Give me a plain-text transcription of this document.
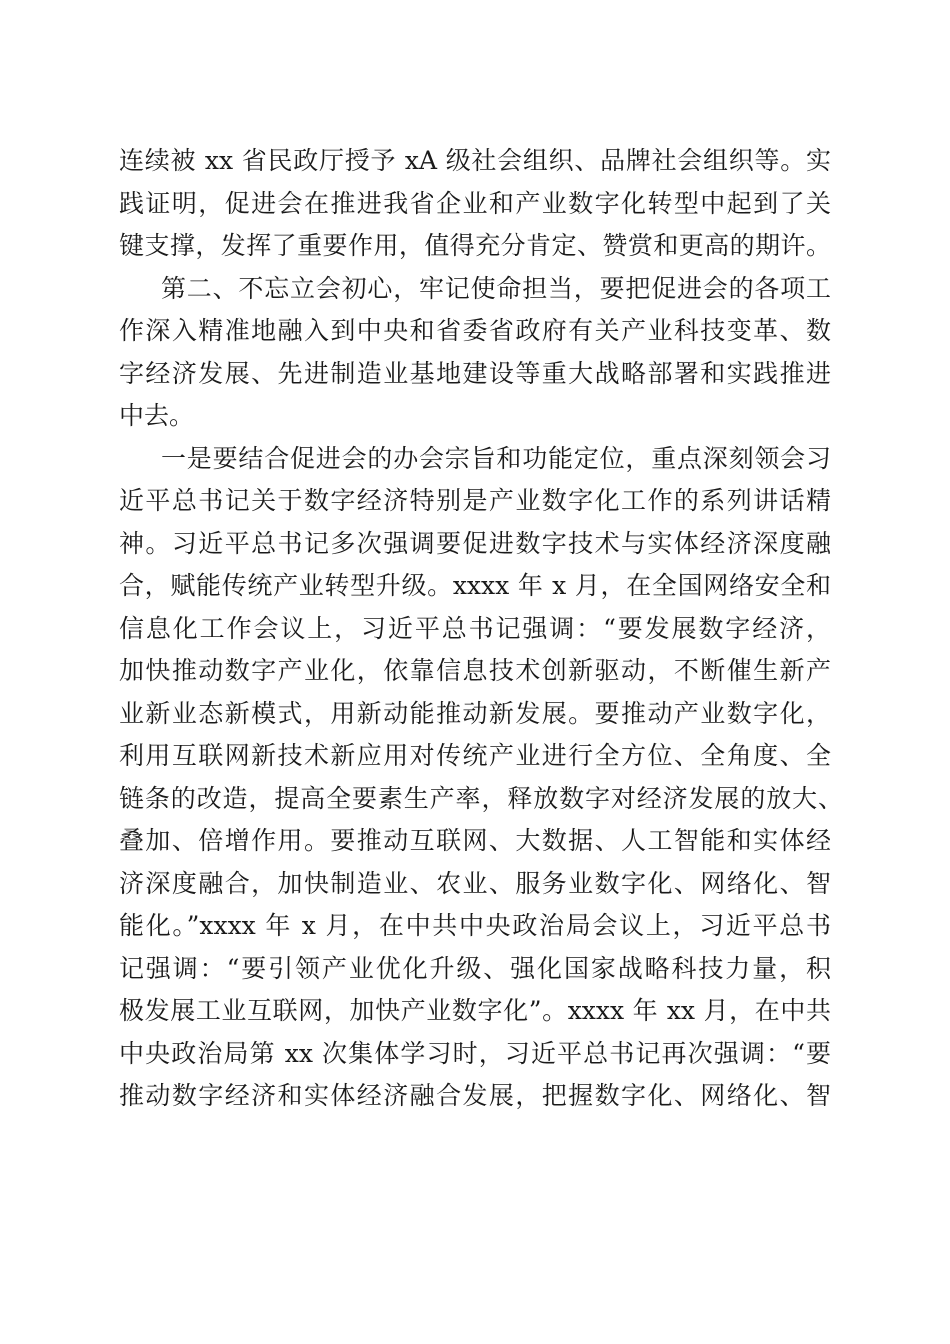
连续被 xx 省民政厅授予 xA 级社会组织、品牌社会组织等。实
践证明，促进会在推进我省企业和产业数字化转型中起到了关
键支撑，发挥了重要作用，值得充分肯定、赞赏和更高的期许。
第二、不忘立会初心，牢记使命担当，要把促进会的各项工
作深入精准地融入到中央和省委省政府有关产业科技变革、数
字经济发展、先进制造业基地建设等重大战略部署和实践推进
中去。
一是要结合促进会的办会宗旨和功能定位，重点深刻领会习
近平总书记关于数字经济特别是产业数字化工作的系列讲话精
神。习近平总书记多次强调要促进数字技术与实体经济深度融
合，赋能传统产业转型升级。xxxx 年 x 月，在全国网络安全和
信息化工作会议上，习近平总书记强调：“要发展数字经济，
加快推动数字产业化，依靠信息技术创新驱动，不断催生新产
业新业态新模式，用新动能推动新发展。要推动产业数字化，
利用互联网新技术新应用对传统产业进行全方位、全角度、全
链条的改造，提高全要素生产率，释放数字对经济发展的放大、
叠加、倍增作用。要推动互联网、大数据、人工智能和实体经
济深度融合，加快制造业、农业、服务业数字化、网络化、智
能化。”xxxx 年 x 月，在中共中央政治局会议上，习近平总书
记强调：“要引领产业优化升级、强化国家战略科技力量，积
极发展工业互联网，加快产业数字化”。xxxx 年 xx 月，在中共
中央政治局第 xx 次集体学习时，习近平总书记再次强调：“要
推动数字经济和实体经济融合发展，把握数字化、网络化、智
